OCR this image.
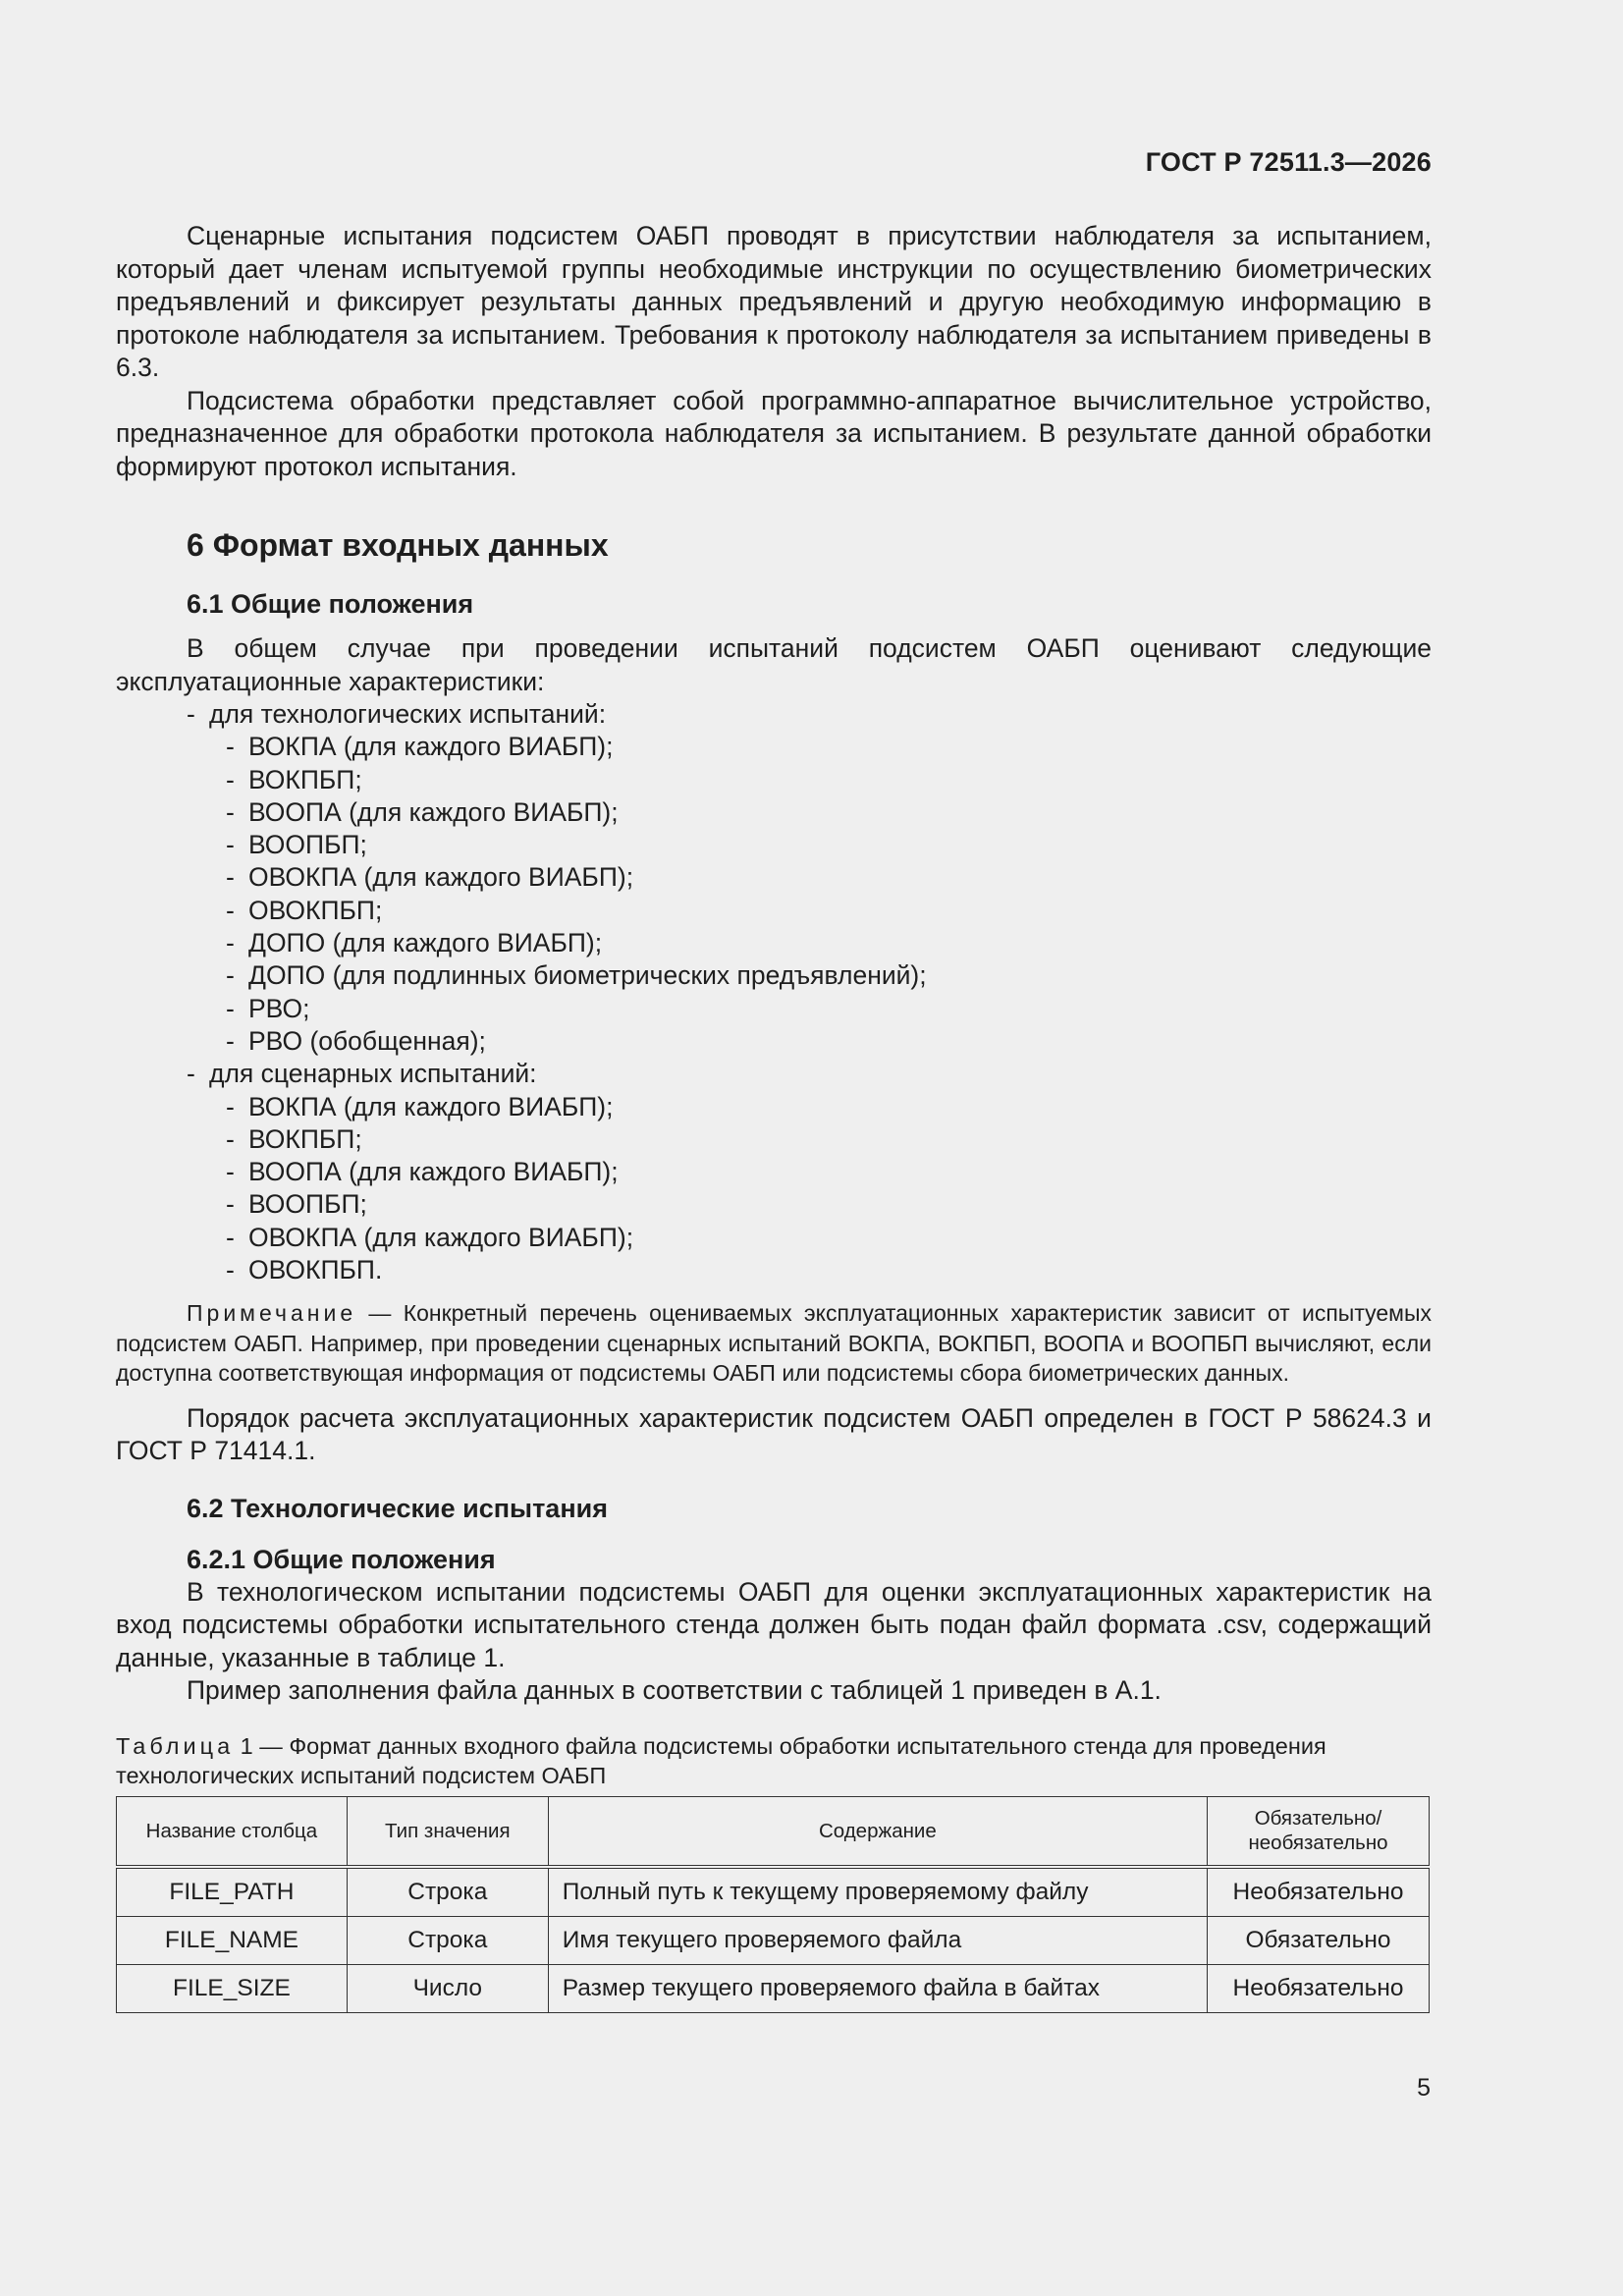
ГОСТ Р 72511.3—2026

Сценарные испытания подсистем ОАБП проводят в присутствии наблюдателя за испытанием, который дает членам испытуемой группы необходимые инструкции по осуществлению биометрических предъявлений и фиксирует результаты данных предъявлений и другую необходимую информацию в протоколе наблюдателя за испытанием. Требования к протоколу наблюдателя за испытанием приведены в 6.3.

Подсистема обработки представляет собой программно-аппаратное вычислительное устройство, предназначенное для обработки протокола наблюдателя за испытанием. В результате данной обработки формируют протокол испытания.

6 Формат входных данных
6.1 Общие положения

В общем случае при проведении испытаний подсистем ОАБП оценивают следующие эксплуатационные характеристики:

- для технологических испытаний:
- ВОКПА (для каждого ВИАБП);
- ВОКПБП;
- ВООПА (для каждого ВИАБП);
- ВООПБП;
- ОВОКПА (для каждого ВИАБП);
- ОВОКПБП;
- ДОПО (для каждого ВИАБП);
- ДОПО (для подлинных биометрических предъявлений);
- РВО;
- РВО (обобщенная);
- для сценарных испытаний:
- ВОКПА (для каждого ВИАБП);
- ВОКПБП;
- ВООПА (для каждого ВИАБП);
- ВООПБП;
- ОВОКПА (для каждого ВИАБП);
- ОВОКПБП.

Примечание — Конкретный перечень оцениваемых эксплуатационных характеристик зависит от испытуемых подсистем ОАБП. Например, при проведении сценарных испытаний ВОКПА, ВОКПБП, ВООПА и ВООПБП вычисляют, если доступна соответствующая информация от подсистемы ОАБП или подсистемы сбора биометрических данных.

Порядок расчета эксплуатационных характеристик подсистем ОАБП определен в ГОСТ Р 58624.3 и ГОСТ Р 71414.1.

6.2 Технологические испытания
6.2.1 Общие положения

В технологическом испытании подсистемы ОАБП для оценки эксплуатационных характеристик на вход подсистемы обработки испытательного стенда должен быть подан файл формата .csv, содержащий данные, указанные в таблице 1.

Пример заполнения файла данных в соответствии с таблицей 1 приведен в А.1.

Таблица 1 — Формат данных входного файла подсистемы обработки испытательного стенда для проведения технологических испытаний подсистем ОАБП
Название столбца	Тип значения	Содержание	Обязательно/ необязательно
FILE_PATH	Строка	Полный путь к текущему проверяемому файлу	Необязательно
FILE_NAME	Строка	Имя текущего проверяемого файла	Обязательно
FILE_SIZE	Число	Размер текущего проверяемого файла в байтах	Необязательно
5
